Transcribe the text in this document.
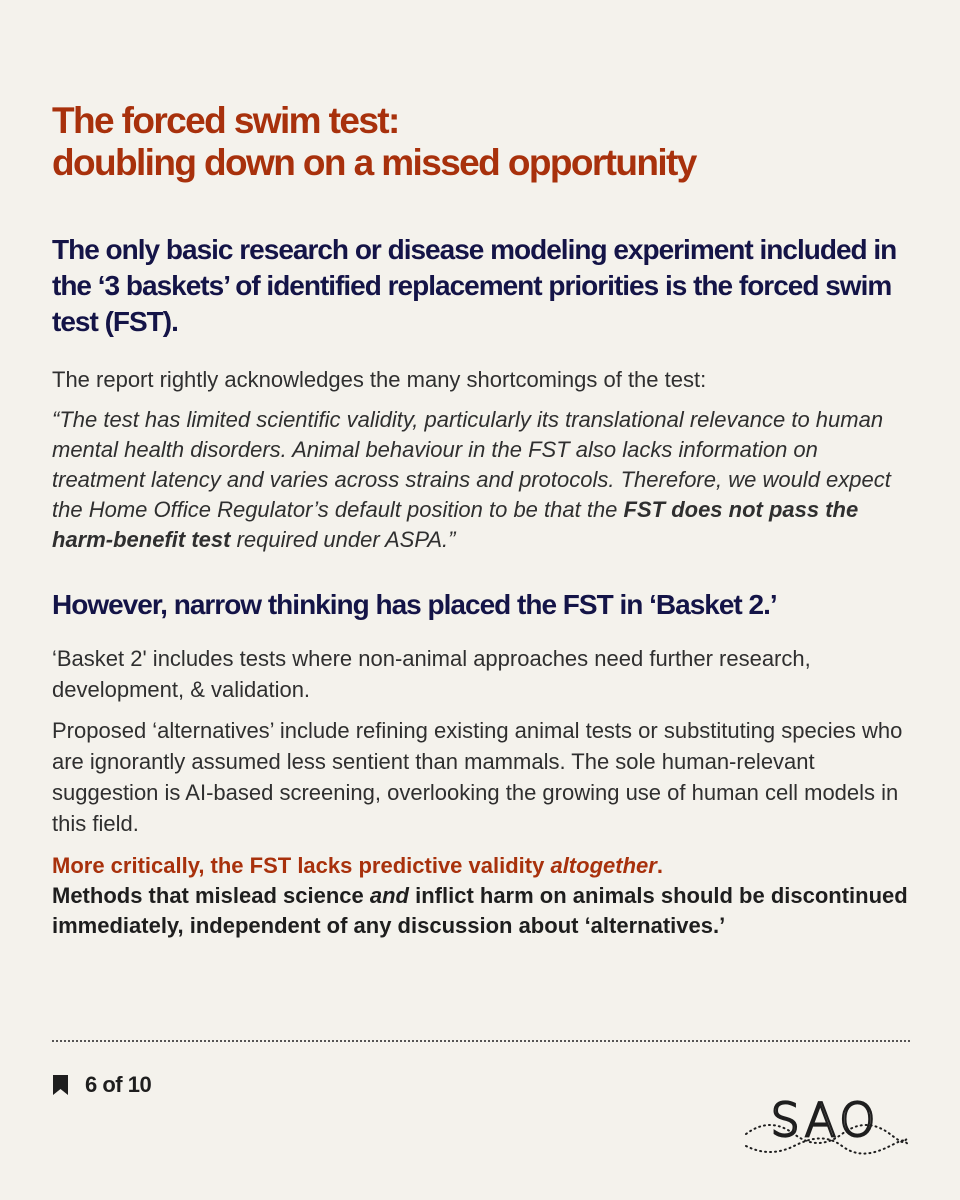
The forced swim test:
doubling down on a missed opportunity
The only basic research or disease modeling experiment included in the ‘3 baskets’ of identified replacement priorities is the forced swim test (FST).

The report rightly acknowledges the many shortcomings of the test:

“The test has limited scientific validity, particularly its translational relevance to human mental health disorders. Animal behaviour in the FST also lacks information on treatment latency and varies across strains and protocols. Therefore, we would expect the Home Office Regulator’s default position to be that the FST does not pass the harm-benefit test required under ASPA.”

However, narrow thinking has placed the FST in ‘Basket 2.’

‘Basket 2' includes tests where non-animal approaches need further research, development, & validation.

Proposed ‘alternatives’ include refining existing animal tests or substituting species who are ignorantly assumed less sentient than mammals. The sole human-relevant suggestion is AI-based screening, overlooking the growing use of human cell models in this field.

More critically, the FST lacks predictive validity altogether.
Methods that mislead science and inflict harm on animals should be discontinued immediately, independent of any discussion about ‘alternatives.’

6 of 10
SAO
